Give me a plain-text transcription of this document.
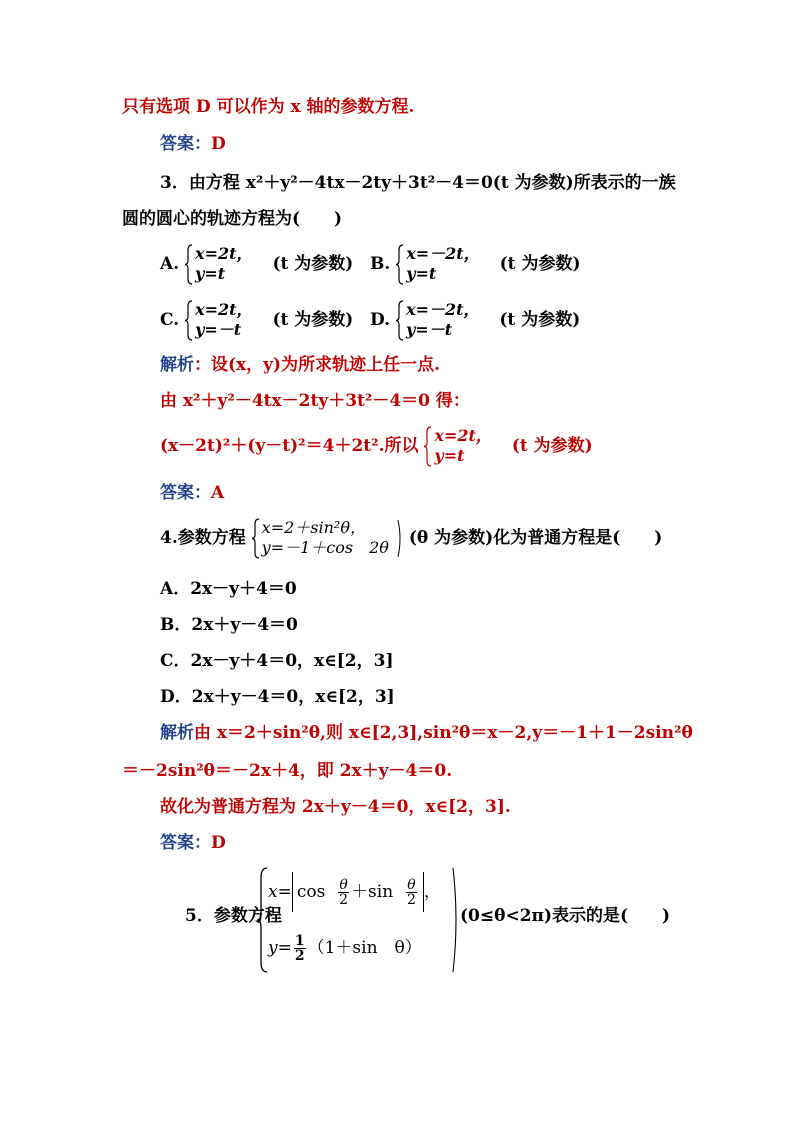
只有选项 D 可以作为 x 轴的参数方程.
答案：D
3．由方程 x²＋y²－4tx－2ty＋3t²－4＝0(t 为参数)所表示的一族
圆的圆心的轨迹方程为(　　)
A.
x=2t，
y=t	(t 为参数) B.
x=－2t，
y=t	(t 为参数)
C.
x=2t，
y=－t	(t 为参数) D.
x=－2t，
y=－t	(t 为参数)
解析：设(x，y)为所求轨迹上任一点.
由 x²＋y²－4tx－2ty＋3t²－4＝0 得：
(x－2t)²＋(y－t)²＝4＋2t².所以
x=2t，
y=t	(t 为参数)
答案：A
4.参数方程
x=2＋sin²θ，
y=－1＋cos　2θ (θ 为参数)化为普通方程是(　　)
A．2x－y＋4＝0
B．2x＋y－4＝0
C．2x－y＋4＝0，x∈[2，3]
D．2x＋y－4＝0，x∈[2，3]
解析由 x＝2＋sin²θ,则 x∈[2,3],sin²θ＝x－2,y＝－1＋1－2sin²θ
＝－2sin²θ＝－2x＋4，即 2x＋y－4＝0.
故化为普通方程为 2x＋y－4＝0，x∈[2，3].
答案：D
5．参数方程
$x= \cos \frac{\theta}{2} +\sin \frac{\theta}{2}$ ，
$y= \frac{1}{2} (1+\sin$　θ）
(0≤θ<2π)表示的是(　　)
